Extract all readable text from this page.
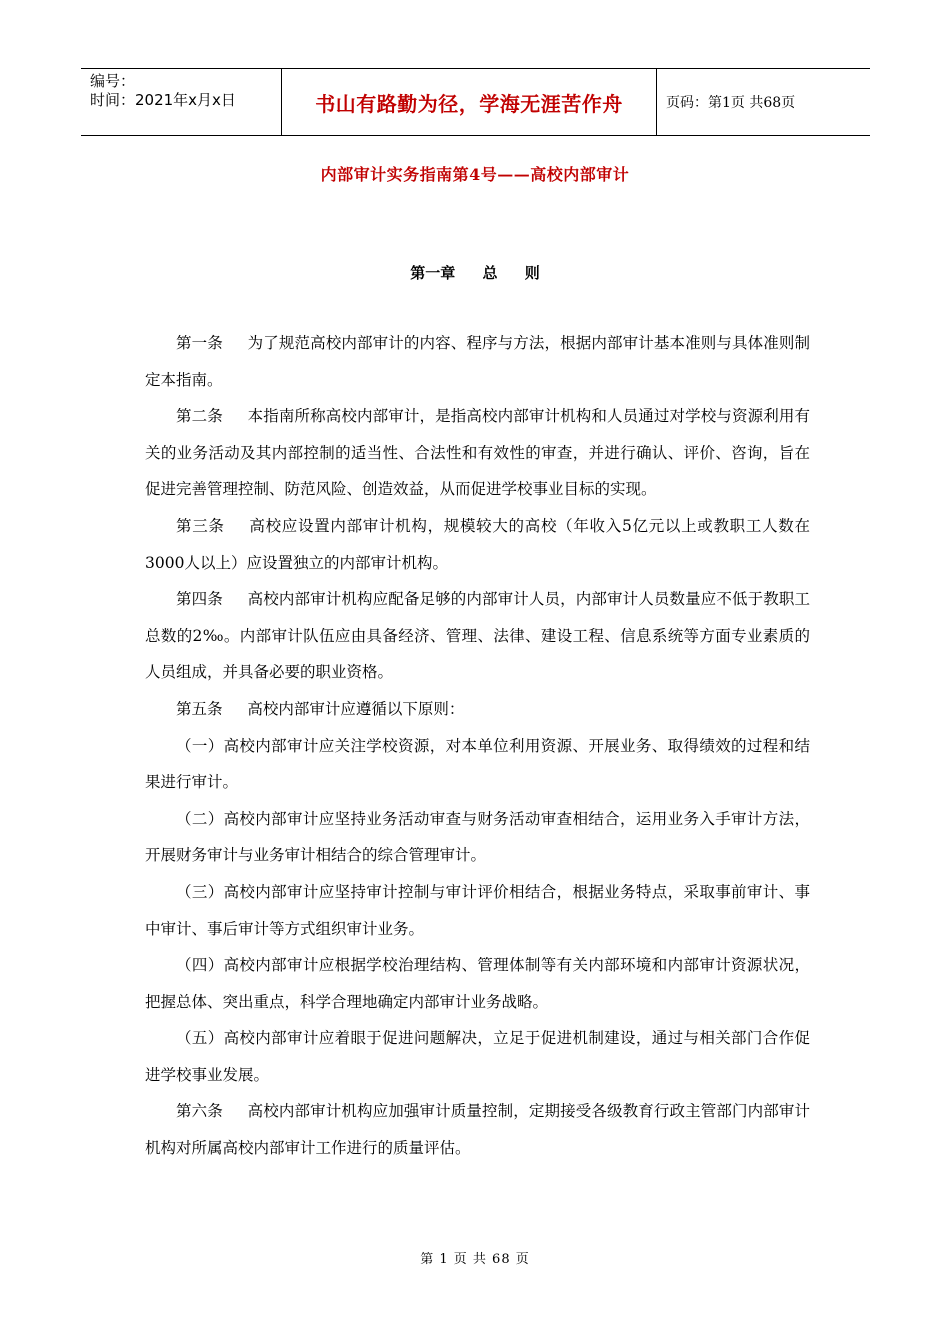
编号：
时间：2021年x月x日	书山有路勤为径，学海无涯苦作舟	页码：第1页 共68页
内部审计实务指南第4号——高校内部审计
第一章 总 则

第一条 为了规范高校内部审计的内容、程序与方法，根据内部审计基本准则与具体准则制定本指南。

第二条 本指南所称高校内部审计，是指高校内部审计机构和人员通过对学校与资源利用有关的业务活动及其内部控制的适当性、合法性和有效性的审查，并进行确认、评价、咨询，旨在促进完善管理控制、防范风险、创造效益，从而促进学校事业目标的实现。

第三条 高校应设置内部审计机构，规模较大的高校（年收入5亿元以上或教职工人数在3000人以上）应设置独立的内部审计机构。

第四条 高校内部审计机构应配备足够的内部审计人员，内部审计人员数量应不低于教职工总数的2‰。内部审计队伍应由具备经济、管理、法律、建设工程、信息系统等方面专业素质的人员组成，并具备必要的职业资格。

第五条 高校内部审计应遵循以下原则：

（一）高校内部审计应关注学校资源，对本单位利用资源、开展业务、取得绩效的过程和结果进行审计。

（二）高校内部审计应坚持业务活动审查与财务活动审查相结合，运用业务入手审计方法，开展财务审计与业务审计相结合的综合管理审计。

（三）高校内部审计应坚持审计控制与审计评价相结合，根据业务特点，采取事前审计、事中审计、事后审计等方式组织审计业务。

（四）高校内部审计应根据学校治理结构、管理体制等有关内部环境和内部审计资源状况，把握总体、突出重点，科学合理地确定内部审计业务战略。

（五）高校内部审计应着眼于促进问题解决，立足于促进机制建设，通过与相关部门合作促进学校事业发展。

第六条 高校内部审计机构应加强审计质量控制，定期接受各级教育行政主管部门内部审计机构对所属高校内部审计工作进行的质量评估。

第 1 页 共 68 页
